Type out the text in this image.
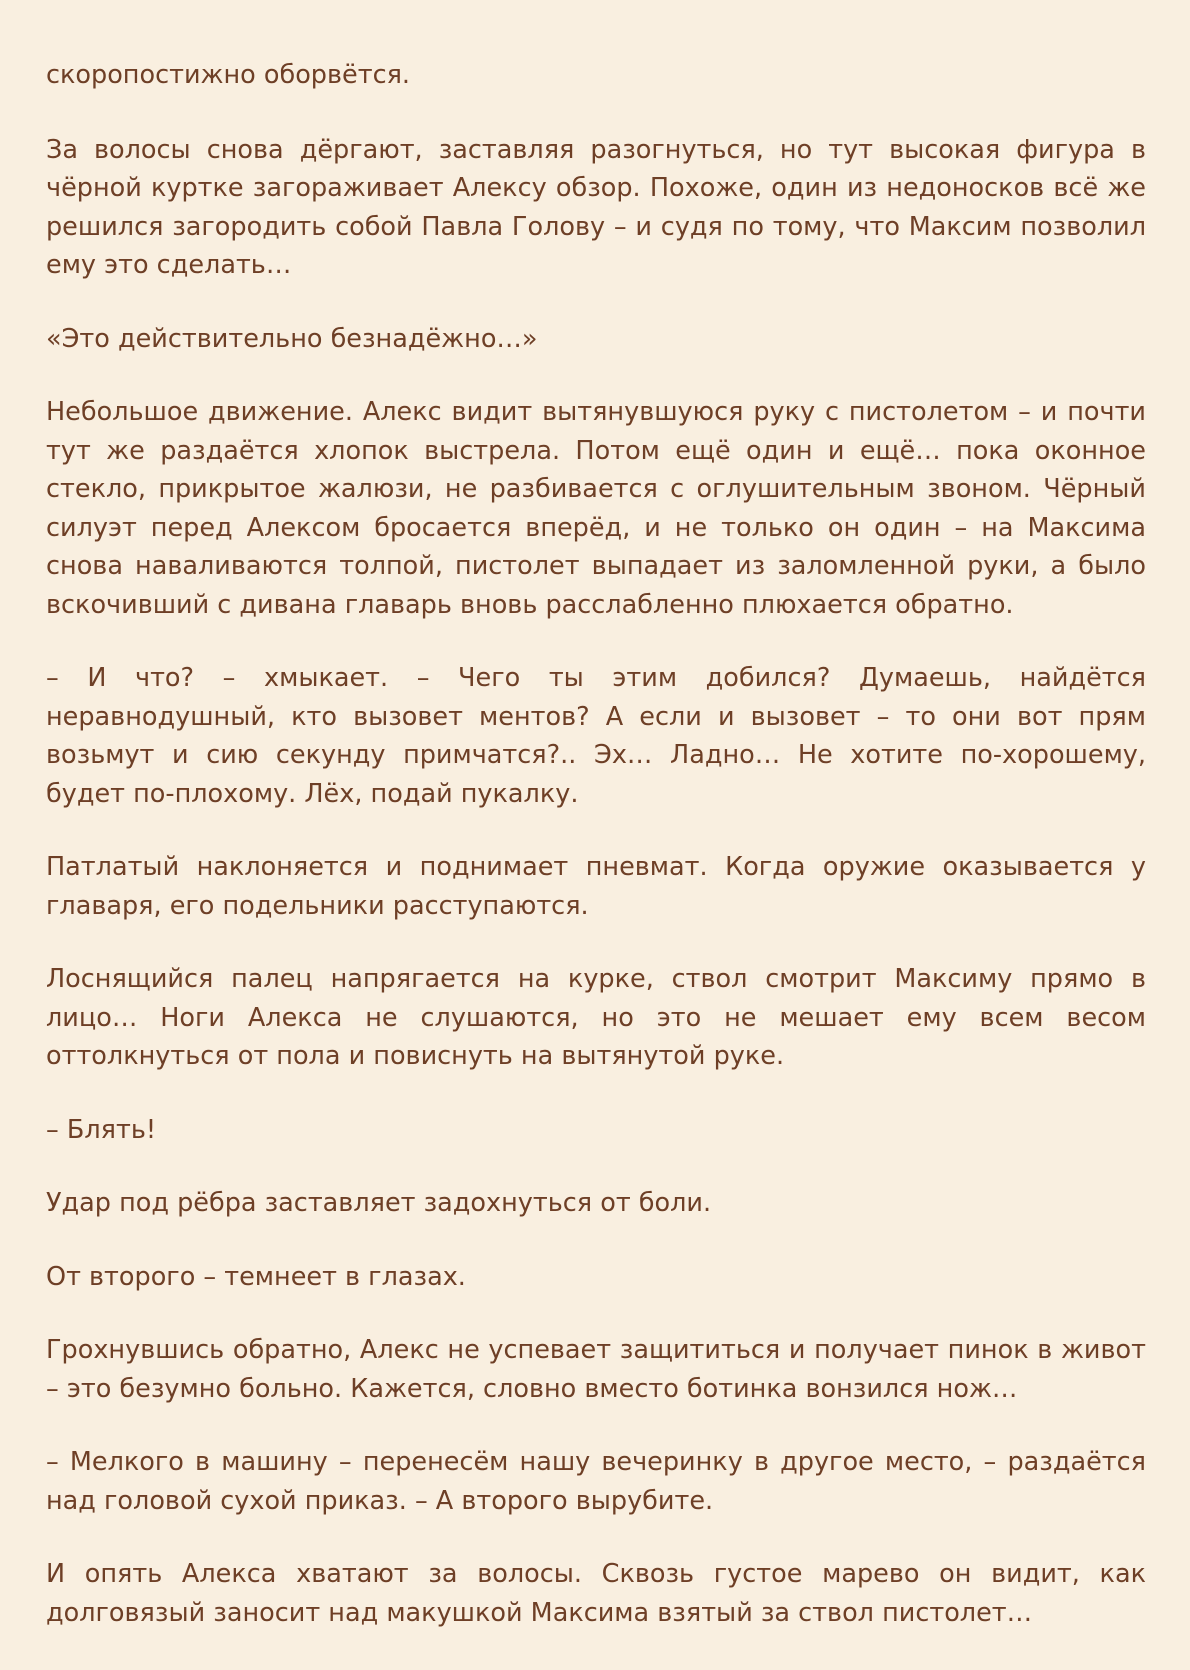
скоропостижно оборвётся.

За волосы снова дёргают, заставляя разогнуться, но тут высокая фигура в чёрной куртке загораживает Алексу обзор. Похоже, один из недоносков всё же решился загородить собой Павла Голову – и судя по тому, что Максим позволил ему это сделать…

«Это действительно безнадёжно…»

Небольшое движение. Алекс видит вытянувшуюся руку с пистолетом – и почти тут же раздаётся хлопок выстрела. Потом ещё один и ещё… пока оконное стекло, прикрытое жалюзи, не разбивается с оглушительным звоном. Чёрный силуэт перед Алексом бросается вперёд, и не только он один – на Максима снова наваливаются толпой, пистолет выпадает из заломленной руки, а было вскочивший с дивана главарь вновь расслабленно плюхается обратно.

– И что? – хмыкает. – Чего ты этим добился? Думаешь, найдётся неравнодушный, кто вызовет ментов? А если и вызовет – то они вот прям возьмут и сию секунду примчатся?.. Эх… Ладно… Не хотите по-хорошему, будет по-плохому. Лёх, подай пукалку.

Патлатый наклоняется и поднимает пневмат. Когда оружие оказывается у главаря, его подельники расступаются.

Лоснящийся палец напрягается на курке, ствол смотрит Максиму прямо в лицо… Ноги Алекса не слушаются, но это не мешает ему всем весом оттолкнуться от пола и повиснуть на вытянутой руке.

– Блять!

Удар под рёбра заставляет задохнуться от боли.

От второго – темнеет в глазах.

Грохнувшись обратно, Алекс не успевает защититься и получает пинок в живот – это безумно больно. Кажется, словно вместо ботинка вонзился нож…

– Мелкого в машину – перенесём нашу вечеринку в другое место, – раздаётся над головой сухой приказ. – А второго вырубите.

И опять Алекса хватают за волосы. Сквозь густое марево он видит, как долговязый заносит над макушкой Максима взятый за ствол пистолет…
